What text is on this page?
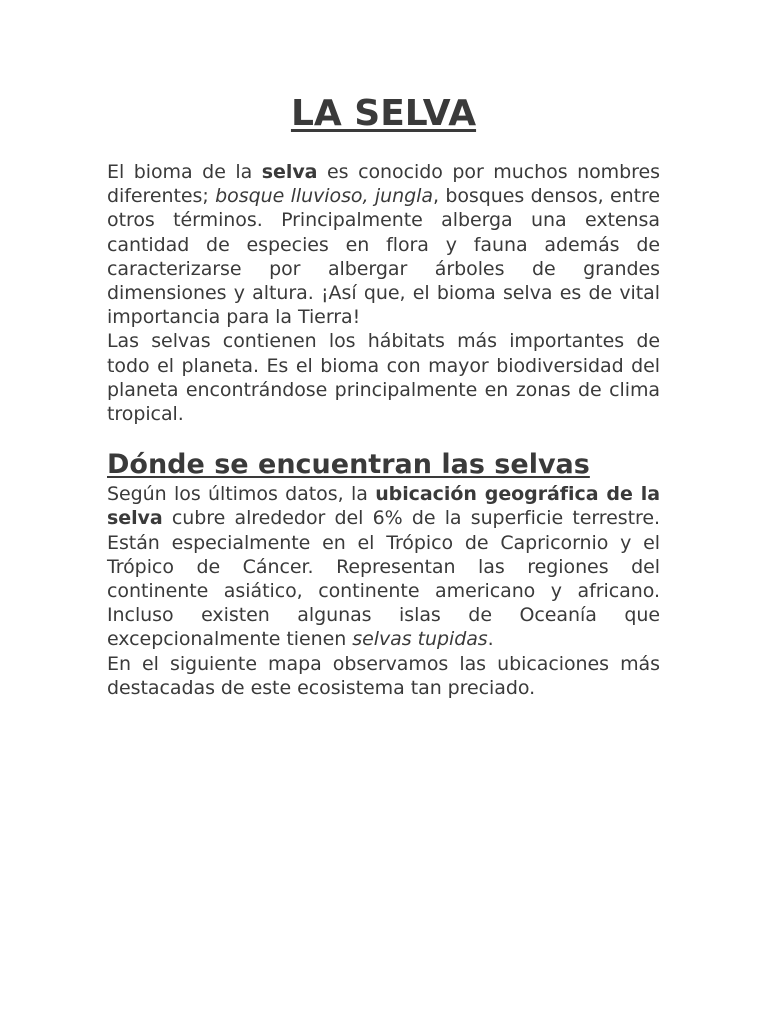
LA SELVA

El bioma de la selva es conocido por muchos nombres diferentes; bosque lluvioso, jungla, bosques densos, entre otros términos. Principalmente alberga una extensa cantidad de especies en flora y fauna además de caracterizarse por albergar árboles de grandes dimensiones y altura. ¡Así que, el bioma selva es de vital importancia para la Tierra!

Las selvas contienen los hábitats más importantes de todo el planeta. Es el bioma con mayor biodiversidad del planeta encontrándose principalmente en zonas de clima tropical.

Dónde se encuentran las selvas

Según los últimos datos, la ubicación geográfica de la selva cubre alrededor del 6% de la superficie terrestre. Están especialmente en el Trópico de Capricornio y el Trópico de Cáncer. Representan las regiones del continente asiático, continente americano y africano. Incluso existen algunas islas de Oceanía que excepcionalmente tienen selvas tupidas.

En el siguiente mapa observamos las ubicaciones más destacadas de este ecosistema tan preciado.
